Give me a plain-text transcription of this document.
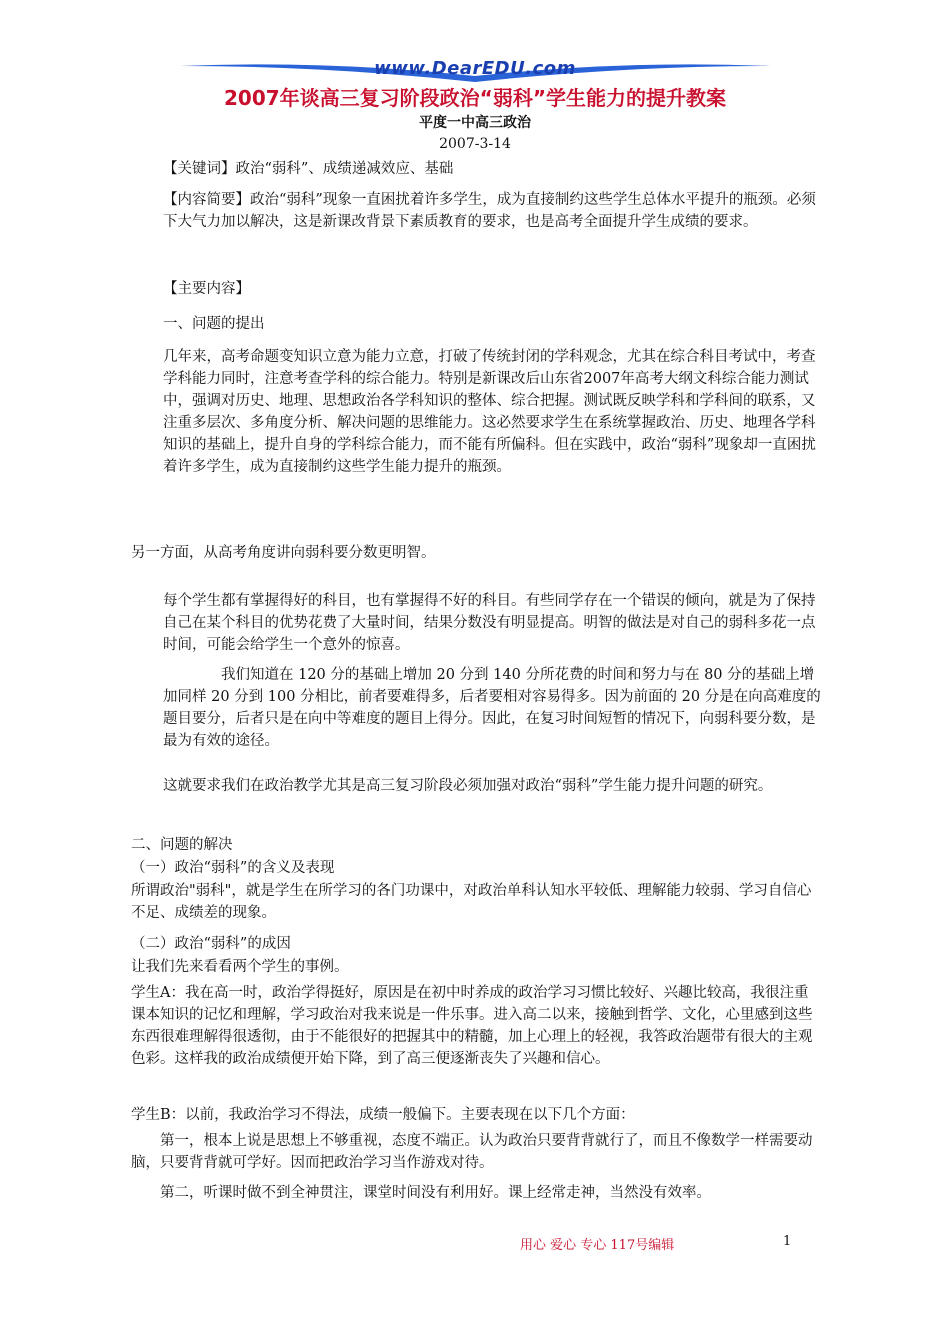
www.DearEDU.com
2007年谈高三复习阶段政治“弱科”学生能力的提升教案
平度一中高三政治
2007-3-14

【关键词】政治“弱科”、成绩递减效应、基础

【内容简要】政治“弱科”现象一直困扰着许多学生，成为直接制约这些学生总体水平提升的瓶颈。必须下大气力加以解决，这是新课改背景下素质教育的要求，也是高考全面提升学生成绩的要求。

【主要内容】

一、问题的提出

几年来，高考命题变知识立意为能力立意，打破了传统封闭的学科观念，尤其在综合科目考试中，考查学科能力同时，注意考查学科的综合能力。特别是新课改后山东省2007年高考大纲文科综合能力测试中，强调对历史、地理、思想政治各学科知识的整体、综合把握。测试既反映学科和学科间的联系，又注重多层次、多角度分析、解决问题的思维能力。这必然要求学生在系统掌握政治、历史、地理各学科知识的基础上，提升自身的学科综合能力，而不能有所偏科。但在实践中，政治“弱科”现象却一直困扰着许多学生，成为直接制约这些学生能力提升的瓶颈。

另一方面，从高考角度讲向弱科要分数更明智。

每个学生都有掌握得好的科目，也有掌握得不好的科目。有些同学存在一个错误的倾向，就是为了保持自己在某个科目的优势花费了大量时间，结果分数没有明显提高。明智的做法是对自己的弱科多花一点时间，可能会给学生一个意外的惊喜。

我们知道在 120 分的基础上增加 20 分到 140 分所花费的时间和努力与在 80 分的基础上增加同样 20 分到 100 分相比，前者要难得多，后者要相对容易得多。因为前面的 20 分是在向高难度的题目要分，后者只是在向中等难度的题目上得分。因此，在复习时间短暂的情况下，向弱科要分数，是最为有效的途径。

这就要求我们在政治教学尤其是高三复习阶段必须加强对政治“弱科”学生能力提升问题的研究。

二、问题的解决

（一）政治“弱科”的含义及表现

所谓政治"弱科"，就是学生在所学习的各门功课中，对政治单科认知水平较低、理解能力较弱、学习自信心不足、成绩差的现象。

（二）政治“弱科”的成因

让我们先来看看两个学生的事例。

学生A：我在高一时，政治学得挺好，原因是在初中时养成的政治学习习惯比较好、兴趣比较高，我很注重课本知识的记忆和理解，学习政治对我来说是一件乐事。进入高二以来，接触到哲学、文化，心里感到这些东西很难理解得很透彻，由于不能很好的把握其中的精髓，加上心理上的轻视，我答政治题带有很大的主观色彩。这样我的政治成绩便开始下降，到了高三便逐渐丧失了兴趣和信心。

学生B：以前，我政治学习不得法，成绩一般偏下。主要表现在以下几个方面：

第一，根本上说是思想上不够重视，态度不端正。认为政治只要背背就行了，而且不像数学一样需要动脑，只要背背就可学好。因而把政治学习当作游戏对待。

第二，听课时做不到全神贯注，课堂时间没有利用好。课上经常走神，当然没有效率。

用心 爱心 专心 117号编辑	1
